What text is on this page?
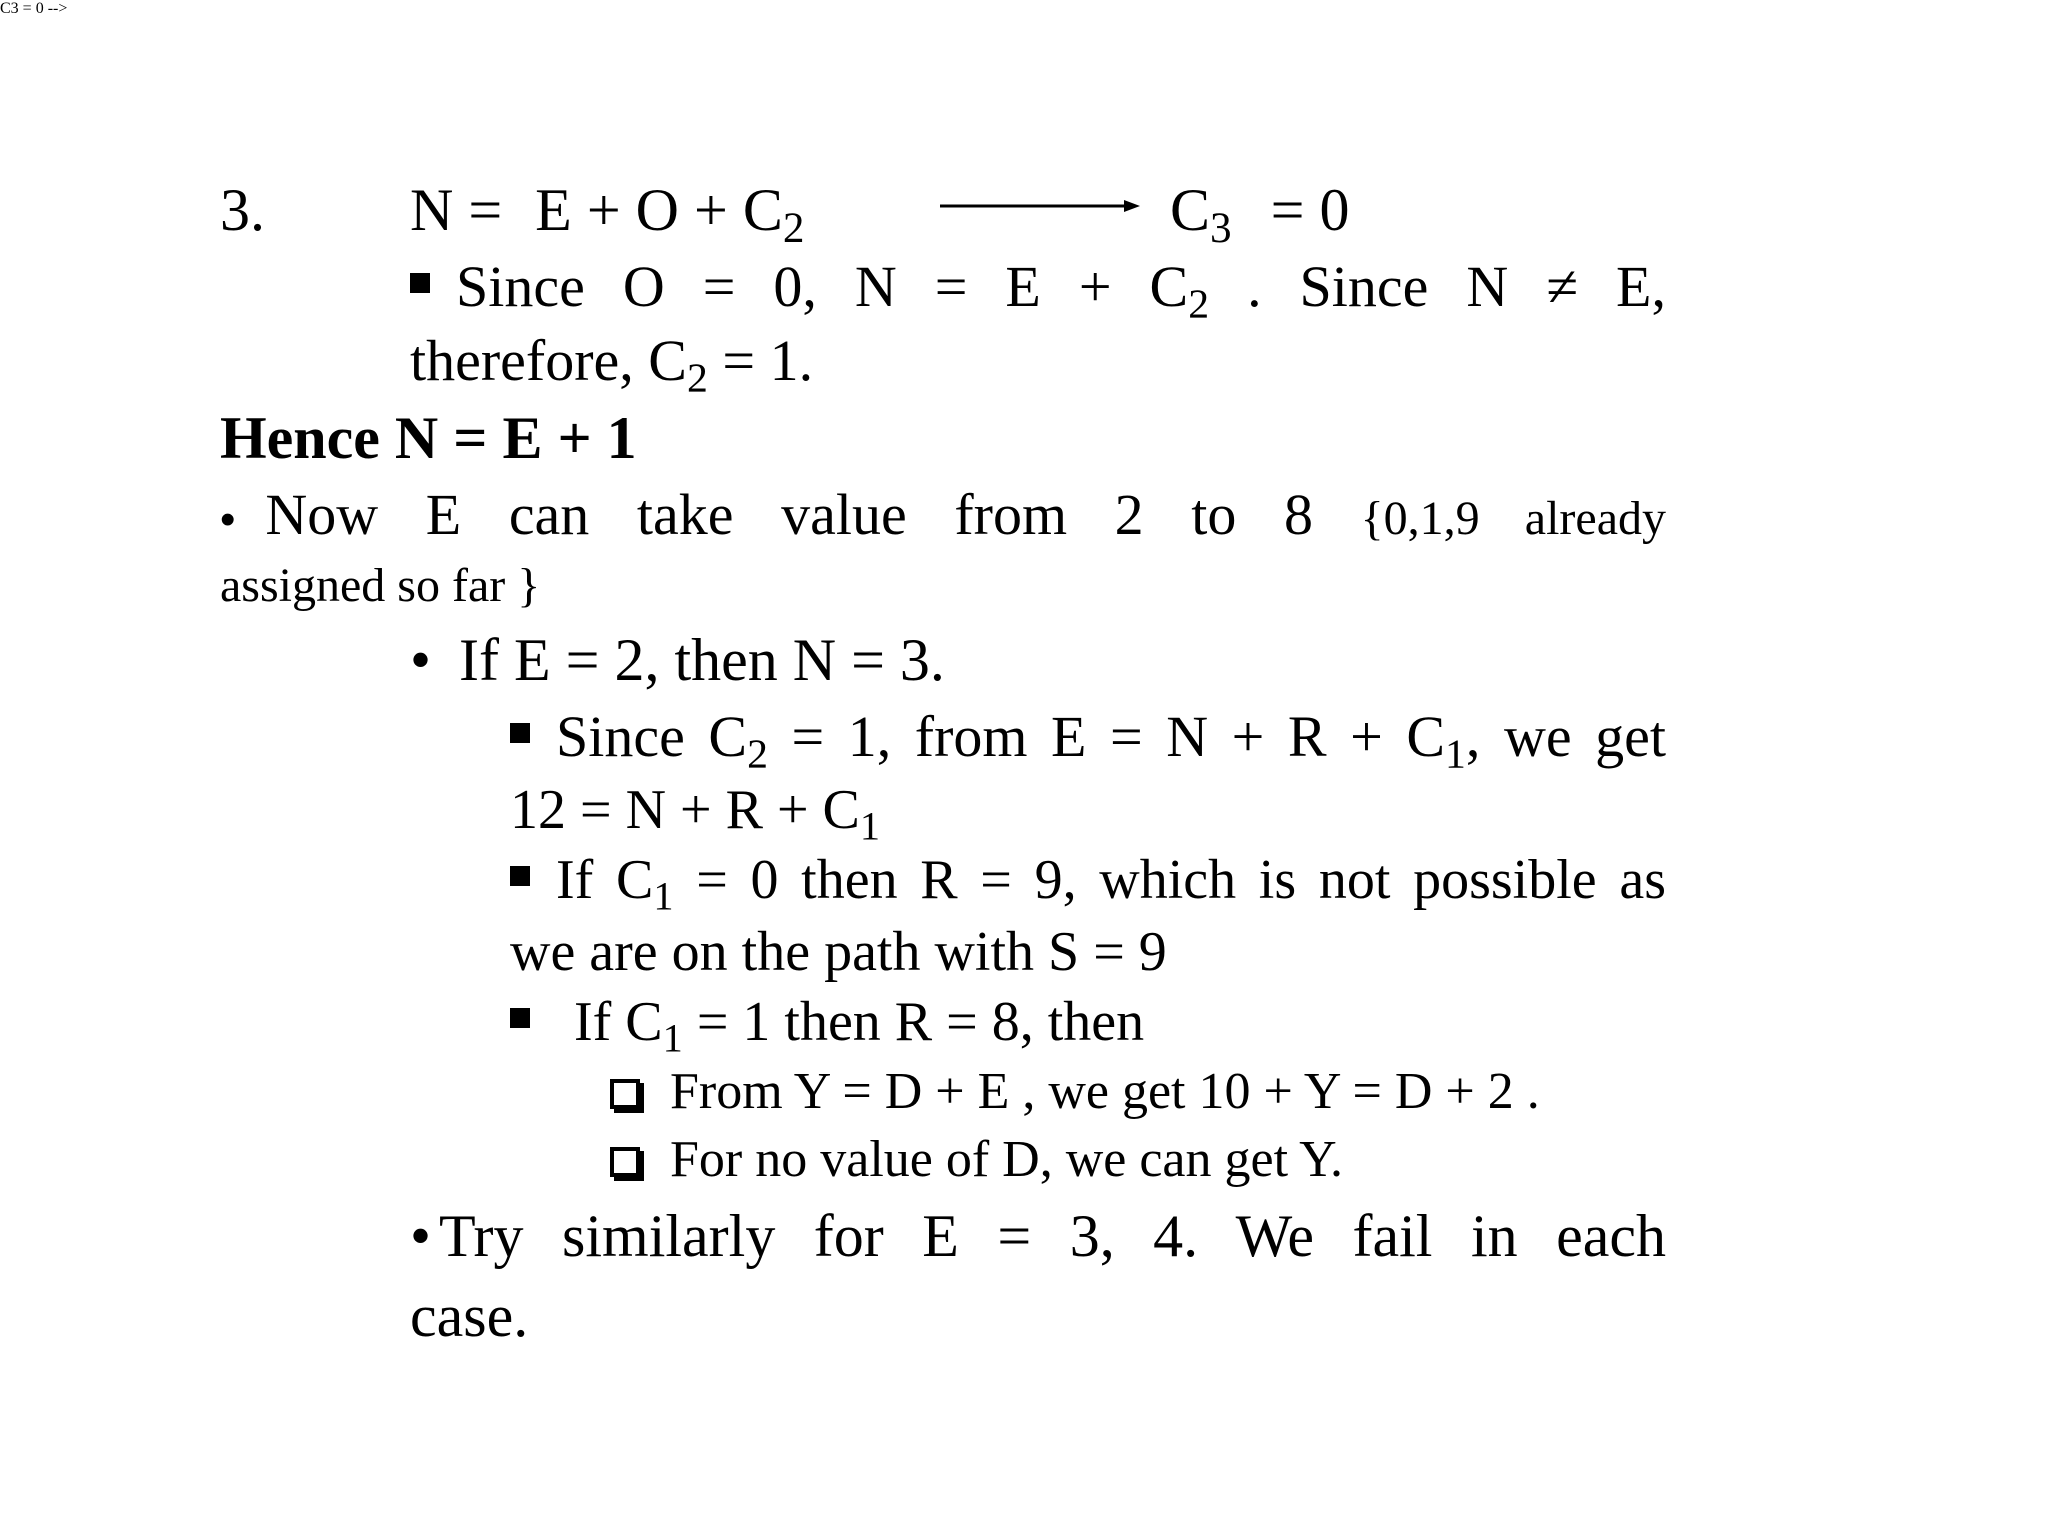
C3 = 0 -->
3. $N = E + O + C_2$	$C_3 = 0$
Since O = 0, $N = E + C_2$ . Since N ≠ E,
therefore, $C_2 = 1$.
Hence N = E + 1
• Now E can take value from 2 to 8 {0,1,9 already
assigned so far }
• If E = 2, then N = 3.
Since $C_2 = 1$, from $E = N + R + C_1$, we get
$12 = N + R + C_1$
If $C_1 = 0$ then R = 9, which is not possible as
we are on the path with S = 9
If $C_1 = 1$ then R = 8, then
From Y = D + E , we get 10 + Y = D + 2 .
For no value of D, we can get Y.
• Try similarly for E = 3, 4. We fail in each
case.
